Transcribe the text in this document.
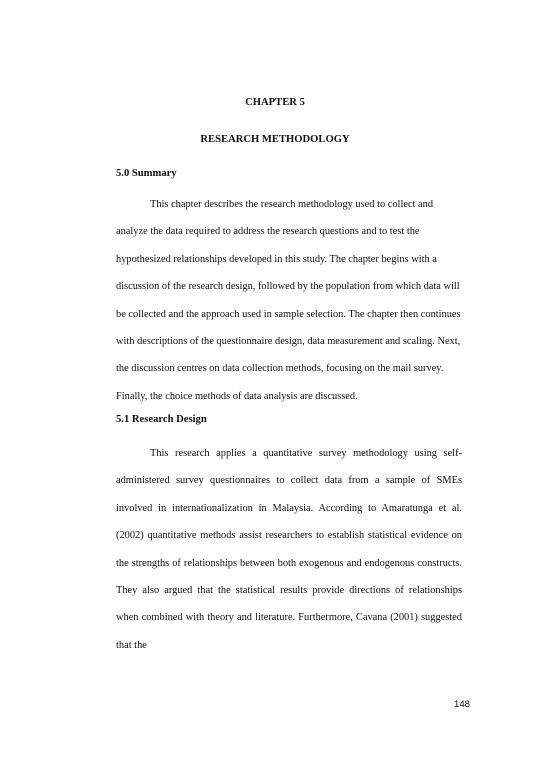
CHAPTER 5
RESEARCH METHODOLOGY
5.0 Summary

This chapter describes the research methodology used to collect and analyze the data required to address the research questions and to test the hypothesized relationships developed in this study. The chapter begins with a discussion of the research design, followed by the population from which data will be collected and the approach used in sample selection. The chapter then continues with descriptions of the questionnaire design, data measurement and scaling. Next, the discussion centres on data collection methods, focusing on the mail survey. Finally, the choice methods of data analysis are discussed.

5.1 Research Design

This research applies a quantitative survey methodology using self-administered survey questionnaires to collect data from a sample of SMEs involved in internationalization in Malaysia. According to Amaratunga et al. (2002) quantitative methods assist researchers to establish statistical evidence on the strengths of relationships between both exogenous and endogenous constructs. They also argued that the statistical results provide directions of relationships when combined with theory and literature. Furthermore, Cavana (2001) suggested that the

148
